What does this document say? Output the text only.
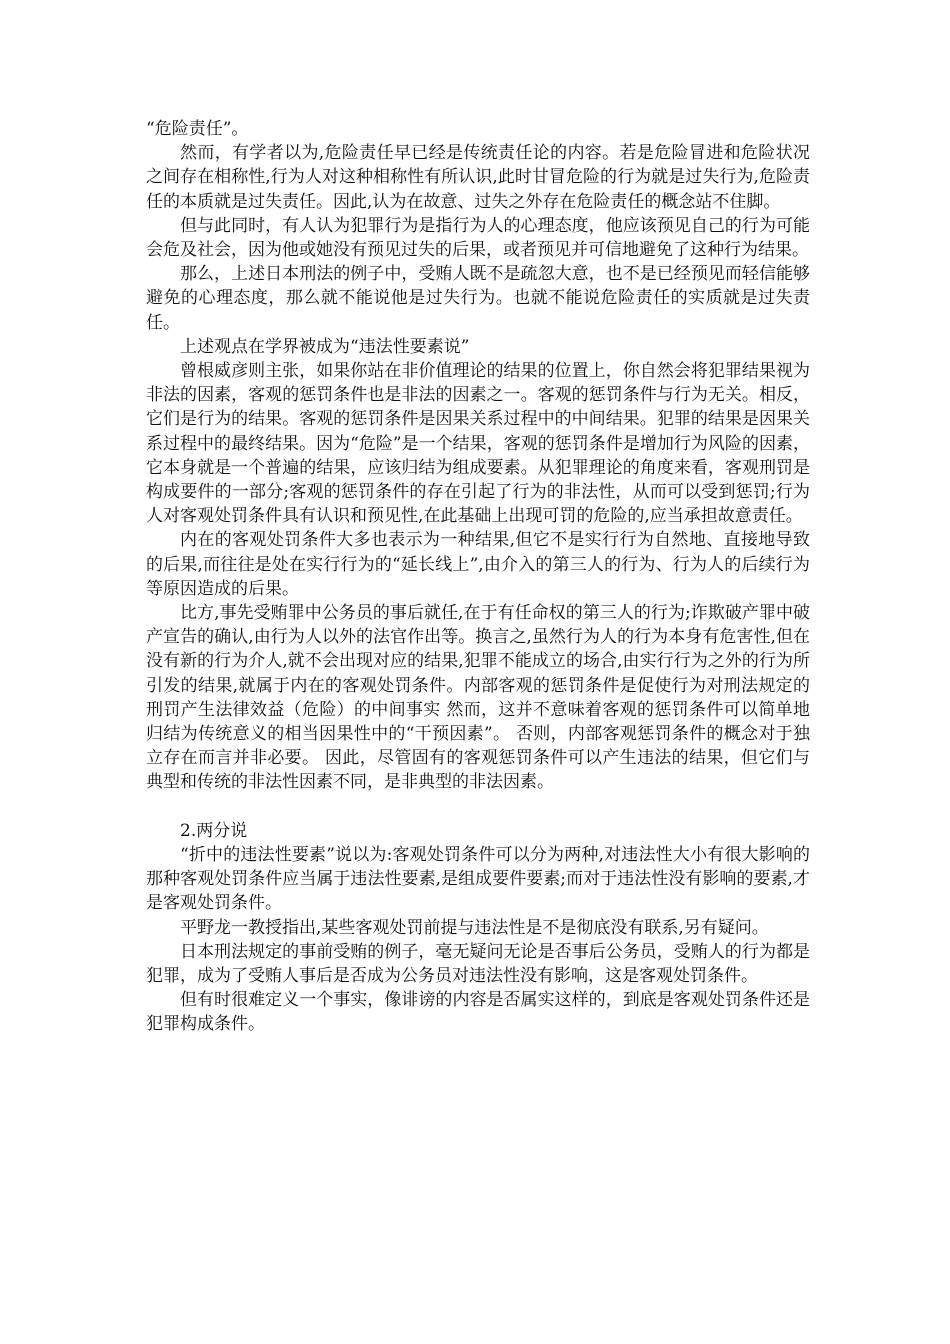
“危险责任”。

然而，有学者以为,危险责任早已经是传统责任论的内容。若是危险冒进和危险状况之间存在相称性,行为人对这种相称性有所认识,此时甘冒危险的行为就是过失行为,危险责任的本质就是过失责任。因此,认为在故意、过失之外存在危险责任的概念站不住脚。

但与此同时，有人认为犯罪行为是指行为人的心理态度，他应该预见自己的行为可能会危及社会，因为他或她没有预见过失的后果，或者预见并可信地避免了这种行为结果。

那么，上述日本刑法的例子中，受贿人既不是疏忽大意，也不是已经预见而轻信能够避免的心理态度，那么就不能说他是过失行为。也就不能说危险责任的实质就是过失责任。

上述观点在学界被成为“违法性要素说”

曾根威彦则主张，如果你站在非价值理论的结果的位置上，你自然会将犯罪结果视为非法的因素，客观的惩罚条件也是非法的因素之一。客观的惩罚条件与行为无关。相反，它们是行为的结果。客观的惩罚条件是因果关系过程中的中间结果。犯罪的结果是因果关系过程中的最终结果。因为“危险”是一个结果，客观的惩罚条件是增加行为风险的因素，它本身就是一个普遍的结果，应该归结为组成要素。从犯罪理论的角度来看，客观刑罚是构成要件的一部分;客观的惩罚条件的存在引起了行为的非法性，从而可以受到惩罚;行为人对客观处罚条件具有认识和预见性,在此基础上出现可罚的危险的,应当承担故意责任。

内在的客观处罚条件大多也表示为一种结果,但它不是实行行为自然地、直接地导致的后果,而往往是处在实行行为的“延长线上”,由介入的第三人的行为、行为人的后续行为等原因造成的后果。

比方,事先受贿罪中公务员的事后就任,在于有任命权的第三人的行为;诈欺破产罪中破产宣告的确认,由行为人以外的法官作出等。换言之,虽然行为人的行为本身有危害性,但在没有新的行为介人,就不会出现对应的结果,犯罪不能成立的场合,由实行行为之外的行为所引发的结果,就属于内在的客观处罚条件。内部客观的惩罚条件是促使行为对刑法规定的刑罚产生法律效益（危险）的中间事实 然而，这并不意味着客观的惩罚条件可以简单地归结为传统意义的相当因果性中的“干预因素”。 否则，内部客观惩罚条件的概念对于独立存在而言并非必要。 因此，尽管固有的客观惩罚条件可以产生违法的结果，但它们与典型和传统的非法性因素不同，是非典型的非法因素。

2.两分说

“折中的违法性要素”说以为:客观处罚条件可以分为两种,对违法性大小有很大影响的那种客观处罚条件应当属于违法性要素,是组成要件要素;而对于违法性没有影响的要素,才是客观处罚条件。

平野龙一教授指出,某些客观处罚前提与违法性是不是彻底没有联系,另有疑问。

日本刑法规定的事前受贿的例子，毫无疑问无论是否事后公务员，受贿人的行为都是犯罪，成为了受贿人事后是否成为公务员对违法性没有影响，这是客观处罚条件。

但有时很难定义一个事实，像诽谤的内容是否属实这样的，到底是客观处罚条件还是犯罪构成条件。
